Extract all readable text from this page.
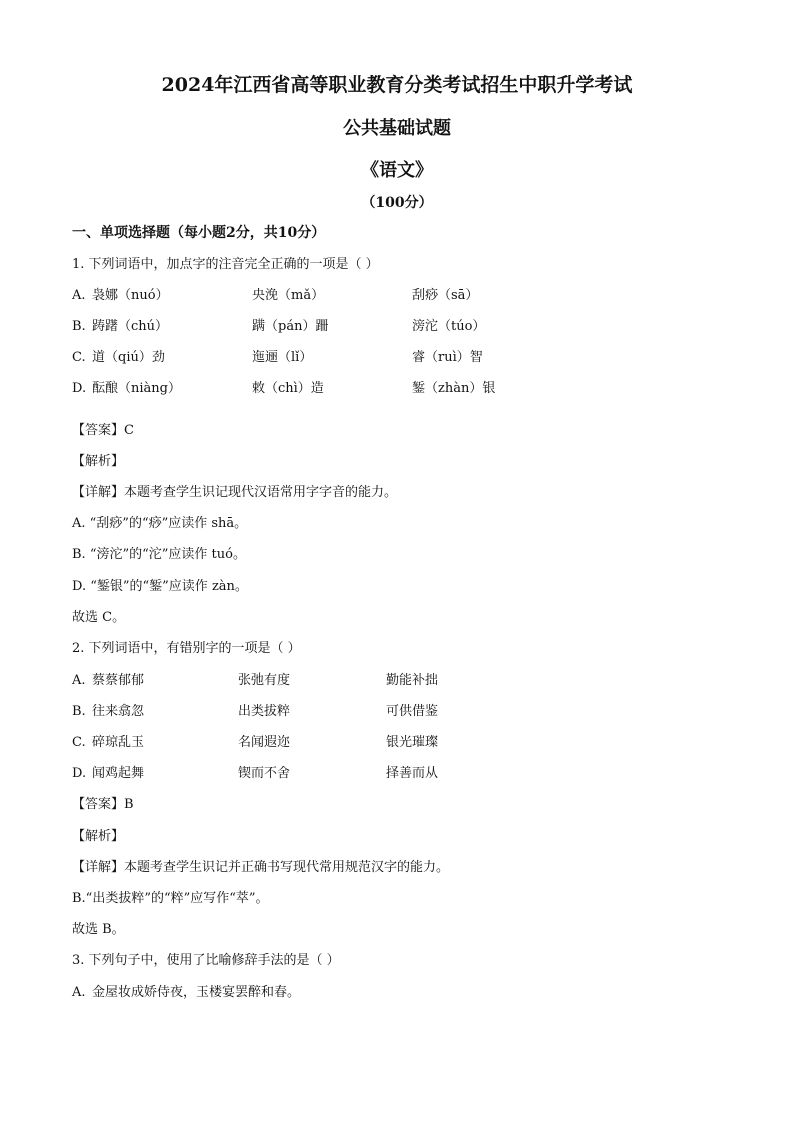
2024年江西省高等职业教育分类考试招生中职升学考试
公共基础试题
《语文》
（100分）
一、单项选择题（每小题2分，共10分）
1. 下列词语中，加点字的注音完全正确的一项是（ ）
A. 袅娜（nuó）	央浼（mǎ）	刮痧（sā）
B. 踌躇（chú）	蹒（pán）跚	滂沱（túo）
C. 道（qiú）劲	迤逦（lǐ）	睿（ruì）智
D. 酝酿（niàng）	敕（chì）造	錾（zhàn）银
【答案】C
【解析】
【详解】本题考查学生识记现代汉语常用字字音的能力。
A. “刮痧”的“痧”应读作 shā。
B. “滂沱”的“沱”应读作 tuó。
D. “錾银”的“錾”应读作 zàn。
故选 C。
2. 下列词语中，有错别字的一项是（ ）
A. 蔡蔡郁郁	张弛有度	勤能补拙
B. 往来翕忽	出类拔粹	可供借鉴
C. 碎琼乱玉	名闻遐迩	银光璀璨
D. 闻鸡起舞	锲而不舍	择善而从
【答案】B
【解析】
【详解】本题考查学生识记并正确书写现代常用规范汉字的能力。
B.“出类拔粹”的“粹”应写作“萃”。
故选 B。
3. 下列句子中，使用了比喻修辞手法的是（ ）
A. 金屋妆成娇侍夜，玉楼宴罢醉和春。
